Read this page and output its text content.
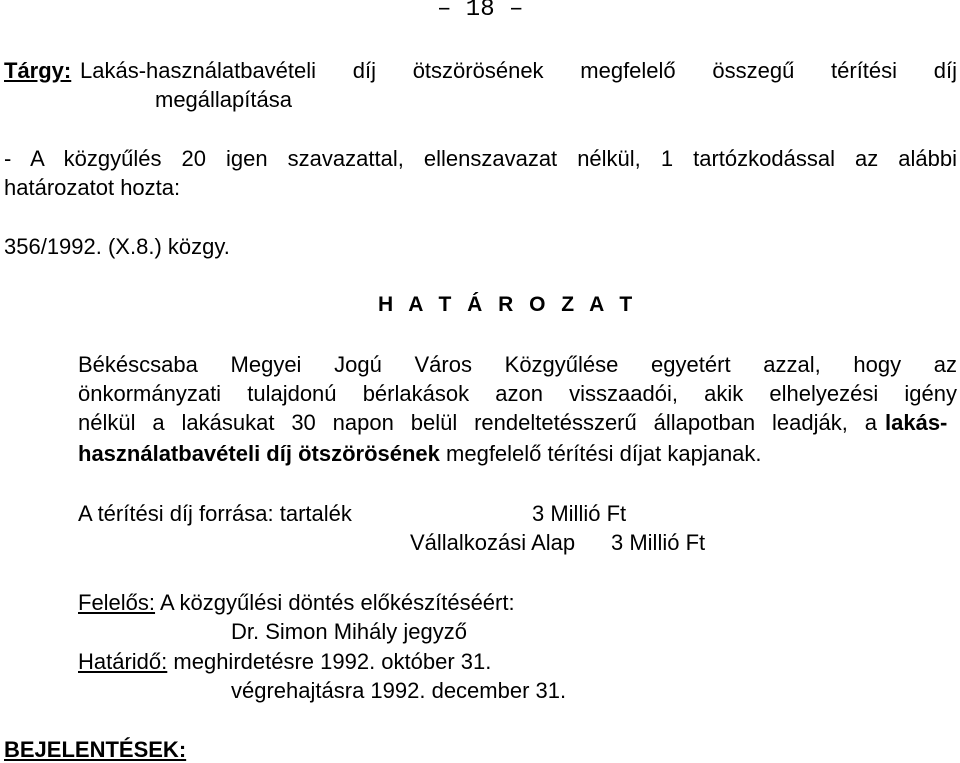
– 18 –
Tárgy: Lakás-használatbavételi díj ötszörösének megfelelő összegű térítési díj
megállapítása
- A közgyűlés 20 igen szavazattal, ellenszavazat nélkül, 1 tartózkodással az alábbi
határozatot hozta:
356/1992. (X.8.) közgy.
H A T Á R O Z A T
Békéscsaba Megyei Jogú Város Közgyűlése egyetért azzal, hogy az
önkormányzati tulajdonú bérlakások azon visszaadói, akik elhelyezési igény
nélkül a lakásukat 30 napon belül rendeltetésszerű állapotban leadják, a lakás-
használatbavételi díj ötszörösének megfelelő térítési díjat kapjanak.
A térítési díj forrása: tartalék	3 Millió Ft
Vállalkozási Alap 3 Millió Ft
Felelős: A közgyűlési döntés előkészítéséért:
Dr. Simon Mihály jegyző
Határidő: meghirdetésre 1992. október 31.
végrehajtásra 1992. december 31.
BEJELENTÉSEK:
